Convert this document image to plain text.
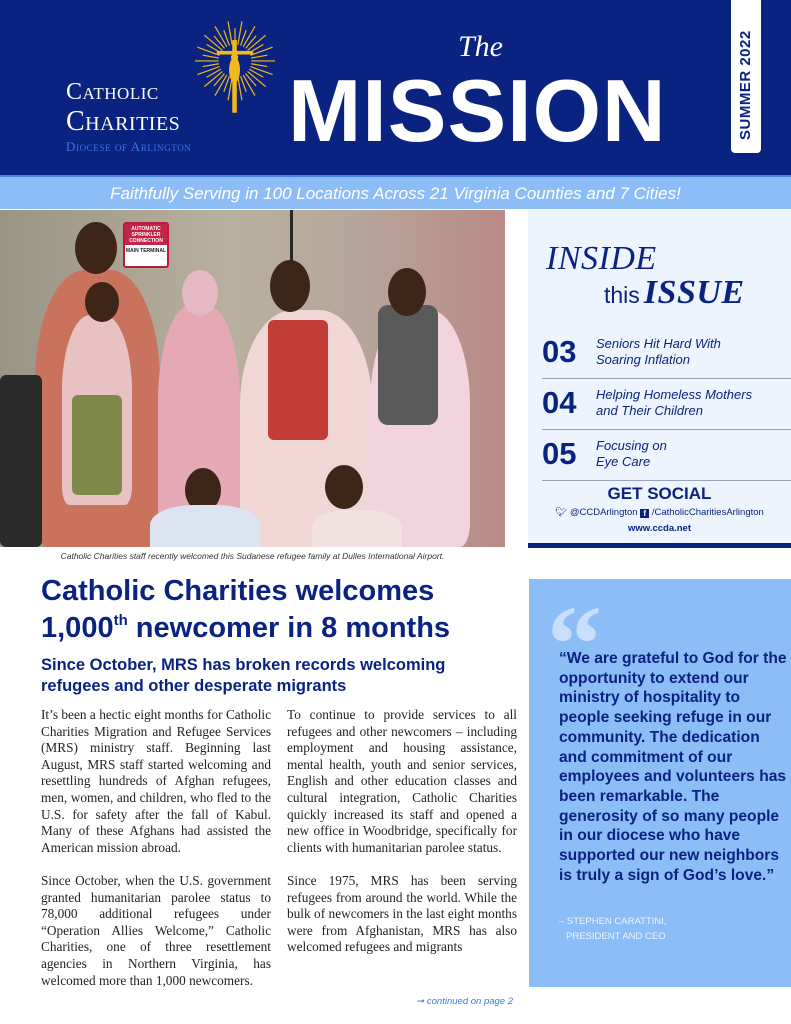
Catholic
Charities
Diocese of Arlington
The
MISSION	SUMMER 2022
Faithfully Serving in 100 Locations Across 21 Virginia Counties and 7 Cities!
AUTOMATIC SPRINKLER CONNECTION
MAIN TERMINAL
Catholic Charities staff recently welcomed this Sudanese refugee family at Dulles International Airport.
INSIDE
this ISSUE
03 Seniors Hit Hard With
Soaring Inflation
04 Helping Homeless Mothers
and Their Children
05 Focusing on
Eye Care
GET SOCIAL
🐦︎ @CCDArlington f /CatholicCharitiesArlington
www.ccda.net
Catholic Charities welcomes
1,000th newcomer in 8 months
Since October, MRS has broken records welcoming refugees and other desperate migrants

It’s been a hectic eight months for Catholic Charities Migration and Refugee Services (MRS) ministry staff. Beginning last August, MRS staff started welcoming and resettling hundreds of Afghan refugees, men, women, and children, who fled to the U.S. for safety after the fall of Kabul. Many of these Afghans had assisted the American mission abroad.

Since October, when the U.S. government granted humanitarian parolee status to 78,000 additional refugees under “Operation Allies Welcome,” Catholic Charities, one of three resettlement agencies in Northern Virginia, has welcomed more than 1,000 newcomers.

To continue to provide services to all refugees and other newcomers – including employment and housing assistance, mental health, youth and senior services, English and other education classes and cultural integration, Catholic Charities quickly increased its staff and opened a new office in Woodbridge, specifically for clients with humanitarian parolee status.

Since 1975, MRS has been serving refugees from around the world. While the bulk of newcomers in the last eight months were from Afghanistan, MRS has also welcomed refugees and migrants

➞ continued on page 2
“
“We are grateful to God for the opportunity to extend our ministry of hospitality to people seeking refuge in our community. The dedication and commitment of our employees and volunteers has been remarkable. The generosity of so many people in our diocese who have supported our new neighbors is truly a sign of God’s love.”
– STEPHEN CARATTINI,
PRESIDENT AND CEO
